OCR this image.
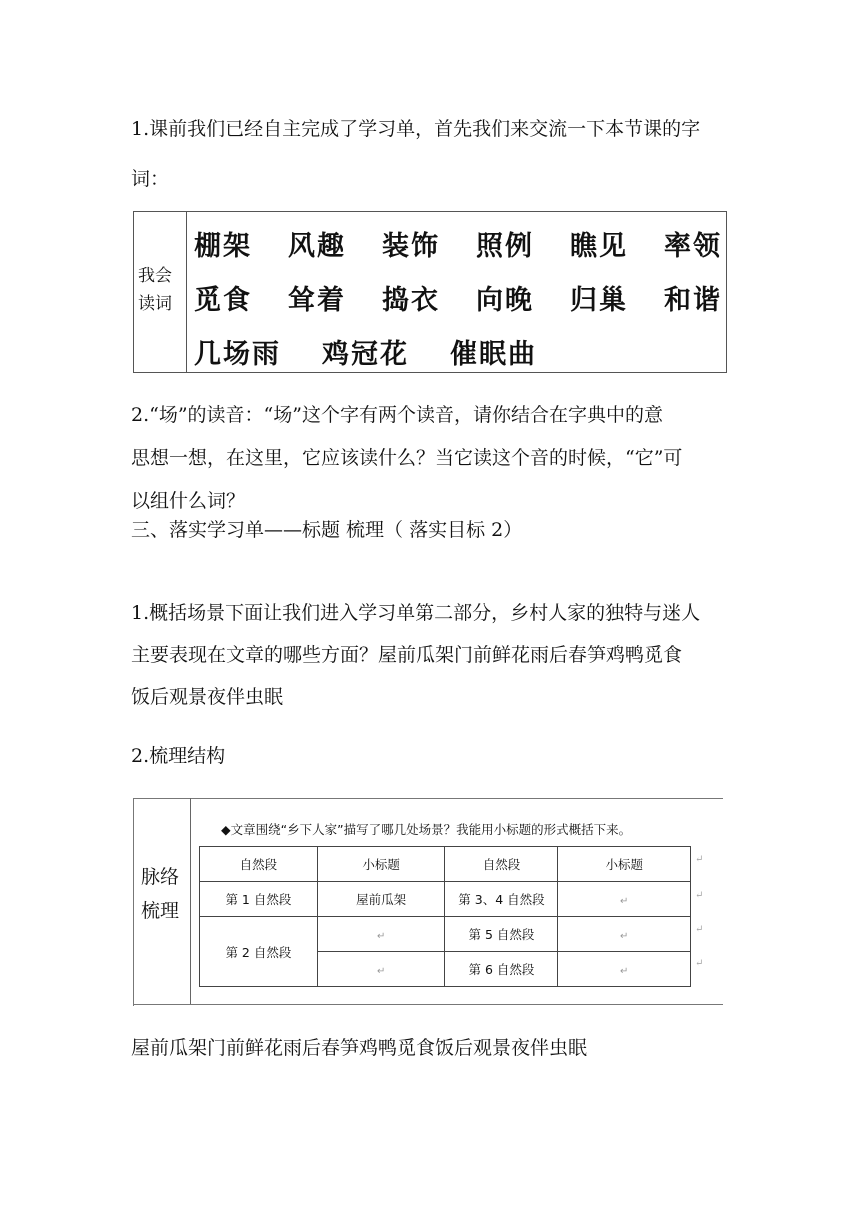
1.课前我们已经自主完成了学习单，首先我们来交流一下本节课的字
词：
我会
读词
棚架 风趣 装饰 照例 瞧见 率领
觅食 耸着 捣衣 向晚 归巢 和谐
几场雨 鸡冠花 催眠曲
2.“场”的读音：“场”这个字有两个读音，请你结合在字典中的意
思想一想，在这里，它应该读什么？当它读这个音的时候，“它”可
以组什么词？
三、落实学习单——标题 梳理（ 落实目标 2）
1.概括场景下面让我们进入学习单第二部分，乡村人家的独特与迷人
主要表现在文章的哪些方面？屋前瓜架门前鲜花雨后春笋鸡鸭觅食
饭后观景夜伴虫眠
2.梳理结构
脉络
梳理
◆文章围绕“乡下人家”描写了哪几处场景？我能用小标题的形式概括下来。
自然段	小标题	自然段	小标题
第 1 自然段	屋前瓜架	第 3、4 自然段	↵
第 2 自然段	↵	第 5 自然段	↵
	↵	第 6 自然段	↵
↵
↵
↵
↵
屋前瓜架门前鲜花雨后春笋鸡鸭觅食饭后观景夜伴虫眠
